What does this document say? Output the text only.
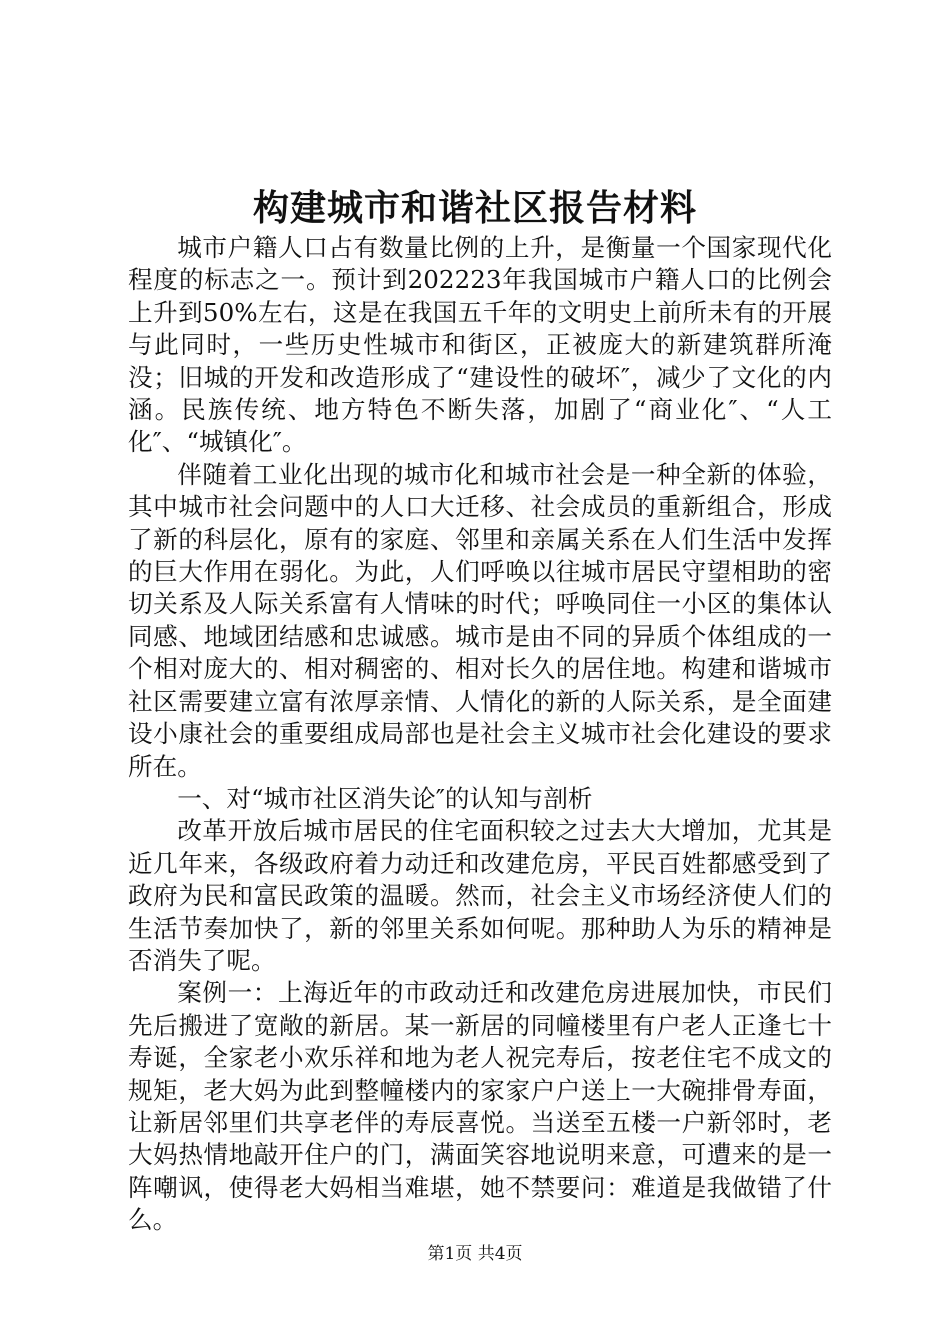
构建城市和谐社区报告材料

城市户籍人口占有数量比例的上升，是衡量一个国家现代化程度的标志之一。预计到202223年我国城市户籍人口的比例会上升到50%左右，这是在我国五千年的文明史上前所未有的开展与此同时，一些历史性城市和街区，正被庞大的新建筑群所淹没；旧城的开发和改造形成了“建设性的破坏″，减少了文化的内涵。民族传统、地方特色不断失落，加剧了“商业化″、“人工化″、“城镇化″。

伴随着工业化出现的城市化和城市社会是一种全新的体验，其中城市社会问题中的人口大迁移、社会成员的重新组合，形成了新的科层化，原有的家庭、邻里和亲属关系在人们生活中发挥的巨大作用在弱化。为此，人们呼唤以往城市居民守望相助的密切关系及人际关系富有人情味的时代；呼唤同住一小区的集体认同感、地域团结感和忠诚感。城市是由不同的异质个体组成的一个相对庞大的、相对稠密的、相对长久的居住地。构建和谐城市社区需要建立富有浓厚亲情、人情化的新的人际关系，是全面建设小康社会的重要组成局部也是社会主义城市社会化建设的要求所在。

一、对“城市社区消失论″的认知与剖析

改革开放后城市居民的住宅面积较之过去大大增加，尤其是近几年来，各级政府着力动迁和改建危房，平民百姓都感受到了政府为民和富民政策的温暖。然而，社会主义市场经济使人们的生活节奏加快了，新的邻里关系如何呢。那种助人为乐的精神是否消失了呢。

案例一：上海近年的市政动迁和改建危房进展加快，市民们先后搬进了宽敞的新居。某一新居的同幢楼里有户老人正逢七十寿诞，全家老小欢乐祥和地为老人祝完寿后，按老住宅不成文的规矩，老大妈为此到整幢楼内的家家户户送上一大碗排骨寿面，让新居邻里们共享老伴的寿辰喜悦。当送至五楼一户新邻时，老大妈热情地敲开住户的门，满面笑容地说明来意，可遭来的是一阵嘲讽，使得老大妈相当难堪，她不禁要问：难道是我做错了什么。

第1页 共4页
